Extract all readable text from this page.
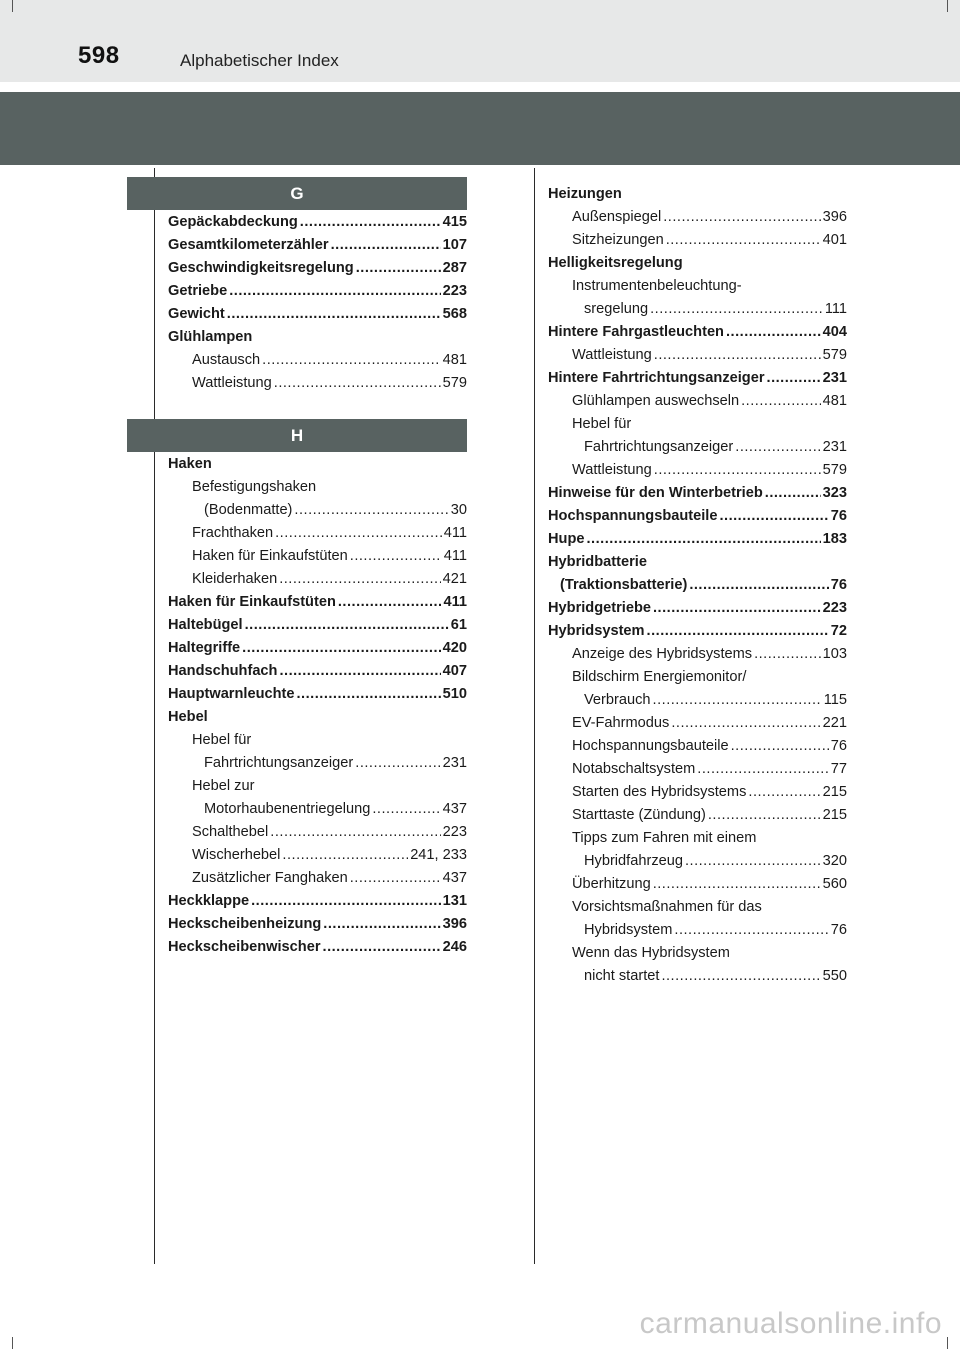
598	Alphabetischer Index
G
Gepäckabdeckung .....	415
Gesamtkilometerzähler .....	107
Geschwindigkeitsregelung .....	287
Getriebe .....	223
Gewicht .....	568
Glühlampen
Austausch .....	481
Wattleistung .....	579
H
Haken
Befestigungshaken
(Bodenmatte) .....	30
Frachthaken .....	411
Haken für Einkaufstüten .....	411
Kleiderhaken .....	421
Haken für Einkaufstüten .....	411
Haltebügel .....	61
Haltegriffe .....	420
Handschuhfach .....	407
Hauptwarnleuchte .....	510
Hebel
Hebel für
Fahrtrichtungsanzeiger .....	231
Hebel zur
Motorhaubenentriegelung .....	437
Schalthebel .....	223
Wischerhebel .....	241, 233
Zusätzlicher Fanghaken .....	437
Heckklappe .....	131
Heckscheibenheizung .....	396
Heckscheibenwischer .....	246
Heizungen
Außenspiegel .....	396
Sitzheizungen .....	401
Helligkeitsregelung
Instrumentenbeleuchtung-
sregelung .....	111
Hintere Fahrgastleuchten .....	404
Wattleistung .....	579
Hintere Fahrtrichtungsanzeiger .....	231
Glühlampen auswechseln .....	481
Hebel für
Fahrtrichtungsanzeiger .....	231
Wattleistung .....	579
Hinweise für den Winterbetrieb .....	323
Hochspannungsbauteile .....	76
Hupe .....	183
Hybridbatterie
(Traktionsbatterie) .....	76
Hybridgetriebe .....	223
Hybridsystem .....	72
Anzeige des Hybridsystems .....	103
Bildschirm Energiemonitor/
Verbrauch .....	115
EV-Fahrmodus .....	221
Hochspannungsbauteile .....	76
Notabschaltsystem .....	77
Starten des Hybridsystems .....	215
Starttaste (Zündung) .....	215
Tipps zum Fahren mit einem
Hybridfahrzeug .....	320
Überhitzung .....	560
Vorsichtsmaßnahmen für das
Hybridsystem .....	76
Wenn das Hybridsystem
nicht startet .....	550
carmanualsonline.info
